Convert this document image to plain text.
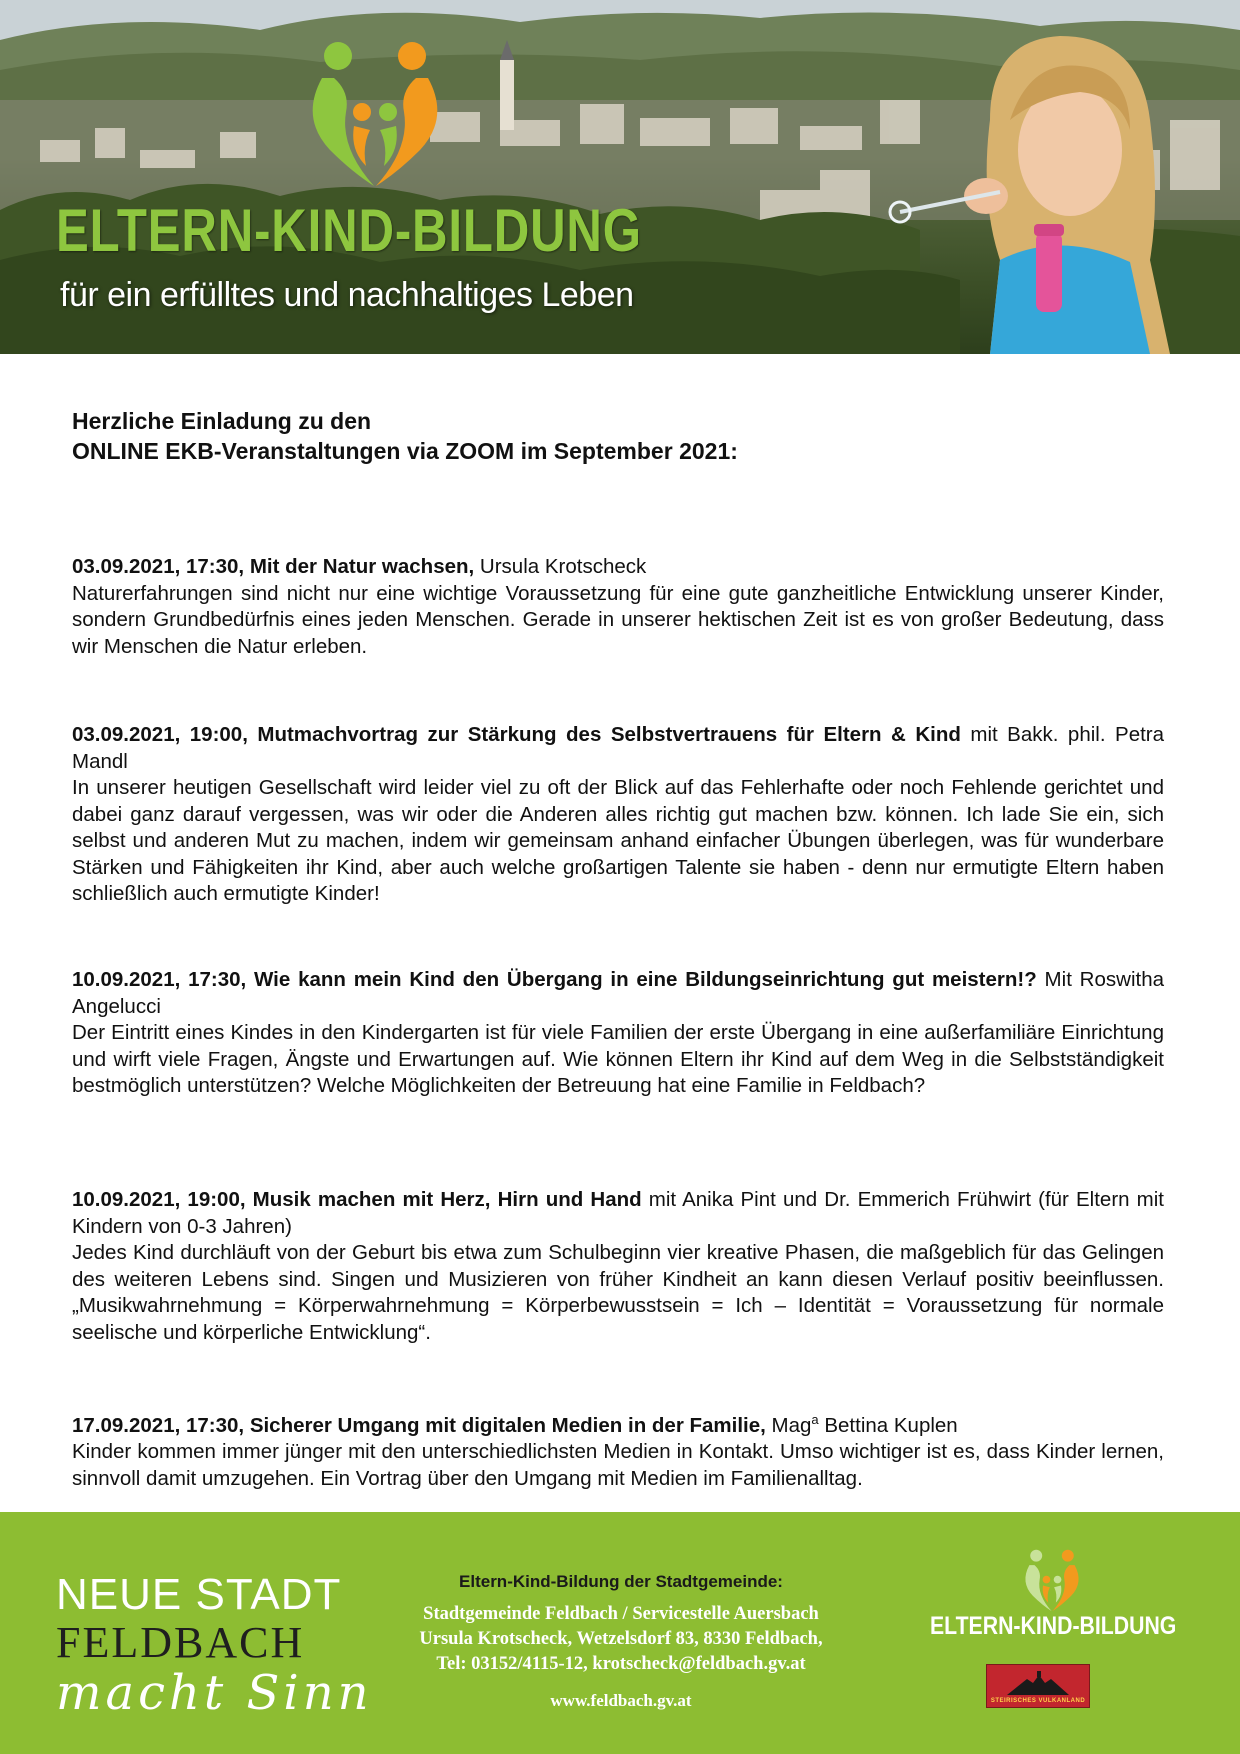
ELTERN-KIND-BILDUNG
für ein erfülltes und nachhaltiges Leben
Herzliche Einladung zu den
ONLINE EKB-Veranstaltungen via ZOOM im September 2021:

03.09.2021, 17:30, Mit der Natur wachsen, Ursula Krotscheck

Naturerfahrungen sind nicht nur eine wichtige Voraussetzung für eine gute ganzheitliche Entwicklung unserer Kinder, sondern Grundbedürfnis eines jeden Menschen. Gerade in unserer hektischen Zeit ist es von großer Bedeutung, dass wir Menschen die Natur erleben.

03.09.2021, 19:00, Mutmachvortrag zur Stärkung des Selbstvertrauens für Eltern & Kind mit Bakk. phil. Petra Mandl

In unserer heutigen Gesellschaft wird leider viel zu oft der Blick auf das Fehlerhafte oder noch Fehlende gerichtet und dabei ganz darauf vergessen, was wir oder die Anderen alles richtig gut machen bzw. können. Ich lade Sie ein, sich selbst und anderen Mut zu machen, indem wir gemeinsam anhand einfacher Übungen überlegen, was für wunderbare Stärken und Fähigkeiten ihr Kind, aber auch welche großartigen Talente sie haben - denn nur ermutigte Eltern haben schließlich auch ermutigte Kinder!

10.09.2021, 17:30, Wie kann mein Kind den Übergang in eine Bildungseinrichtung gut meistern!? Mit Roswitha Angelucci

Der Eintritt eines Kindes in den Kindergarten ist für viele Familien der erste Übergang in eine außerfamiliäre Einrichtung und wirft viele Fragen, Ängste und Erwartungen auf. Wie können Eltern ihr Kind auf dem Weg in die Selbstständigkeit bestmöglich unterstützen? Welche Möglichkeiten der Betreuung hat eine Familie in Feldbach?

10.09.2021, 19:00, Musik machen mit Herz, Hirn und Hand mit Anika Pint und Dr. Emmerich Frühwirt (für Eltern mit Kindern von 0-3 Jahren)

Jedes Kind durchläuft von der Geburt bis etwa zum Schulbeginn vier kreative Phasen, die maßgeblich für das Gelingen des weiteren Lebens sind. Singen und Musizieren von früher Kindheit an kann diesen Verlauf positiv beeinflussen. „Musikwahrnehmung = Körperwahrnehmung = Körperbewusstsein = Ich – Identität = Voraussetzung für normale seelische und körperliche Entwicklung“.

17.09.2021, 17:30, Sicherer Umgang mit digitalen Medien in der Familie, Mag$^a$ Bettina Kuplen

Kinder kommen immer jünger mit den unterschiedlichsten Medien in Kontakt. Umso wichtiger ist es, dass Kinder lernen, sinnvoll damit umzugehen. Ein Vortrag über den Umgang mit Medien im Familienalltag.

NEUE STADT
FELDBACH
macht Sinn
Eltern-Kind-Bildung der Stadtgemeinde:
Stadtgemeinde Feldbach / Servicestelle Auersbach
Ursula Krotscheck, Wetzelsdorf 83, 8330 Feldbach,
Tel: 03152/4115-12, krotscheck@feldbach.gv.at
www.feldbach.gv.at
ELTERN-KIND-BILDUNG
STEIRISCHES VULKANLAND
